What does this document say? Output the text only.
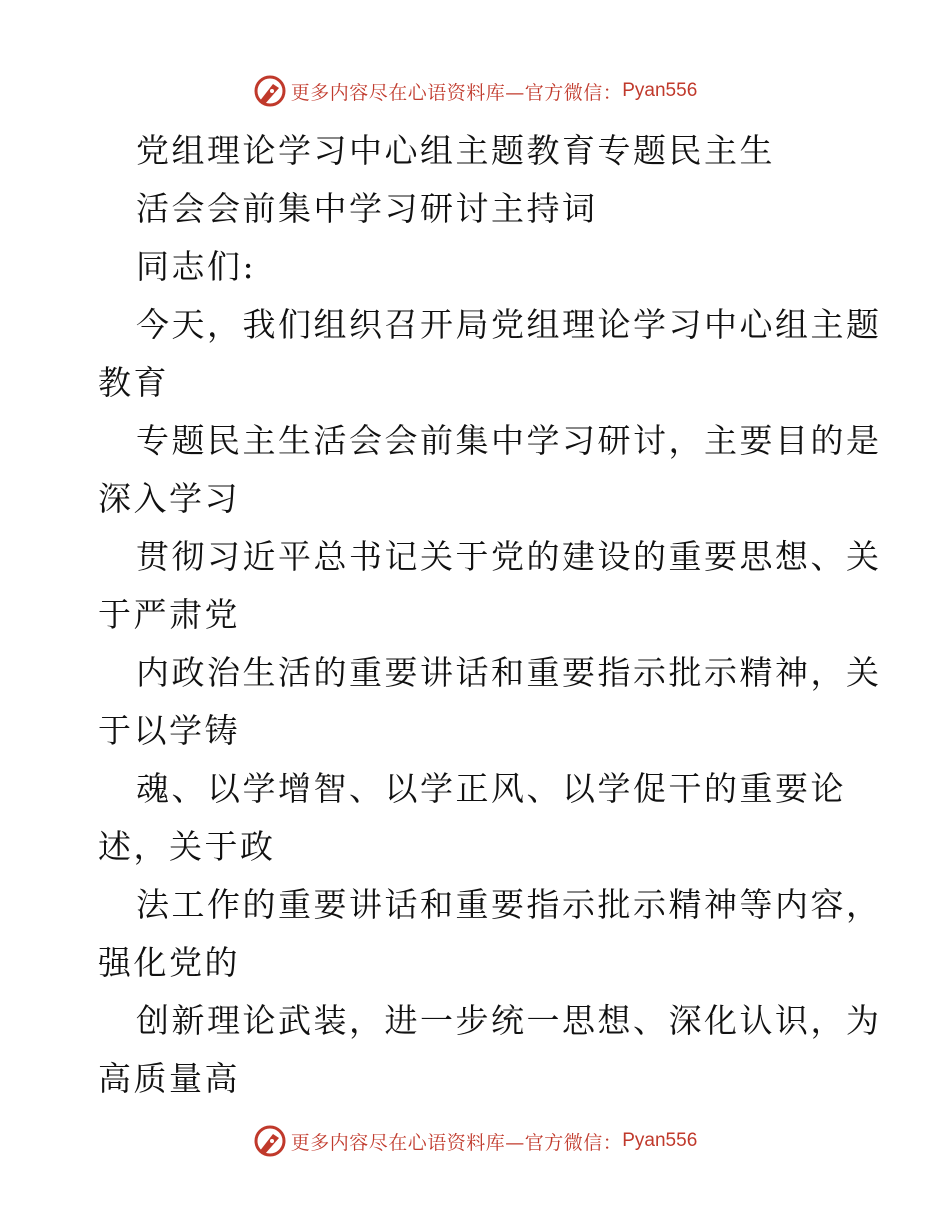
更多内容尽在心语资料库—官方微信： Pyan556
党组理论学习中心组主题教育专题民主生
活会会前集中学习研讨主持词
同志们:
今天，我们组织召开局党组理论学习中心组主题
教育
专题民主生活会会前集中学习研讨，主要目的是
深入学习
贯彻习近平总书记关于党的建设的重要思想、关
于严肃党
内政治生活的重要讲话和重要指示批示精神，关
于以学铸
魂、以学增智、以学正风、以学促干的重要论
述，关于政
法工作的重要讲话和重要指示批示精神等内容，
强化党的
创新理论武装，进一步统一思想、深化认识，为
高质量高
更多内容尽在心语资料库—官方微信： Pyan556
